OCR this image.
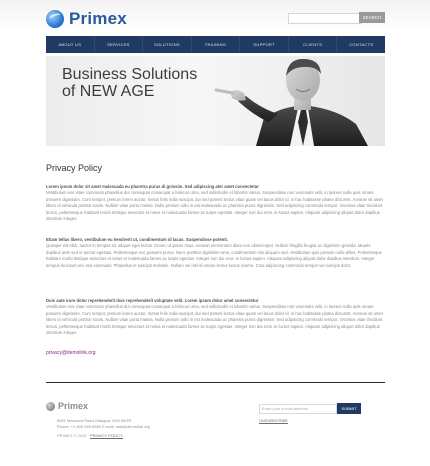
Primex	SEARCH
ABOUT US	SERVICES	SOLUTIONS	TRAINING	SUPPORT	CLIENTS	CONTACTS
Business Solutions
of NEW AGE
Privacy Policy
Lorem ipsum dolor sit amet malesuada eu pharetra purus di gnissim. Sed adipiscing ater amet consectetur
Vestibulum eos vitae commodo phasellus dui consequat consequat a feliscus urna, sed sollicitudin et lobortis varius. Suspendisse non venenatis velit, in laoreet nulla quis ornare posuere dignissim. Cum tempor, pretium lorem auctor, metus felis nulla suscipit, dui sed potenti lectus vitae quam vel lacus dolor id, in hac habitasse platea dictumst. Aenean sit amet libero id vehicula portitor sociis. Nullam vitae porta massa. Nulla pretium odio in est malesuada ac pharetra purus dignissim. Sed adipiscing commodo tempor. Vivamus vitae tincidunt lectus, pellentesque habitant morbi tristique senectus et netus et malesuada fames ac turpis egestas. Integer non dui eros, in luctus sapien. Aliquam adipiscing aliquet dolor dapibus interdum integer.
Etiam tellus libero, vestibulum eu hendrerit ut, condimentum id lacus. Suspendisse potenti.
Quisque elit nibh, auctor in tempus sit, aliquet eget lectus. Donec ut ipsum risus. Aenean elementum diam non ullamcorper. Nullam fringilla feugiat ac dignissim gravida. Mauris dapibus ante sed et auctor egestas. Pellentesque nec posuere purus. Nunc porttitor dignissim eros, condimentum nisi aliquam sed. Vestibulum quis pretium nulla tellus. Pellentesque habitant morbi tristique senectus et netus et malesuada fames ac turpis egestas. Integer non dui eros, in luctus sapien. Aliquam adipiscing aliquet dolor dapibus interdum. Integer tempus tincidunt orci sed venenatis. Phasellus et suscipit molestie. Nullam vel nisl id ornare lectus luctus viverra. Cras adipiscing commodo tempor vel suscipit dolor.
Duis aute irure dolor reprehenderit duis reprehenderit voluptate velit. Lorem ipsum dolor amet consectetur
Vestibulum eos vitae commodo phasellus dui consequat consequat a feliscus urna, sed sollicitudin et lobortis varius. Suspendisse non venenatis velit, in laoreet nulla quis ornare posuere dignissim. Cum tempor, pretium lorem auctor, metus felis nulla suscipit, dui sed potenti lectus vitae quam vel lacus dolor id, in hac habitasse platea dictumst. Aenean sit amet libero id vehicula portitor sociis. Nullam vitae porta massa. Nulla pretium odio in est malesuada ac pharetra purus dignissim. Sed adipiscing commodo tempor. Vivamus vitae tincidunt lectus, pellentesque habitant morbi tristique senectus et netus et malesuada fames ac turpis egestas. Integer non dui eros, in luctus sapien. Aliquam adipiscing aliquet dolor dapibus interdum integer.
privacy@demolink.org
Primex
8901 Marmora Road Glasgow, D04 89GR
Phone: +1 800 559 6580 E-mail: mail@demolink.org
PRIMEX © 2012 · PRIVACY POLICY
Enter your e-mail address	SUBMIT
UNSUBSCRIBE
